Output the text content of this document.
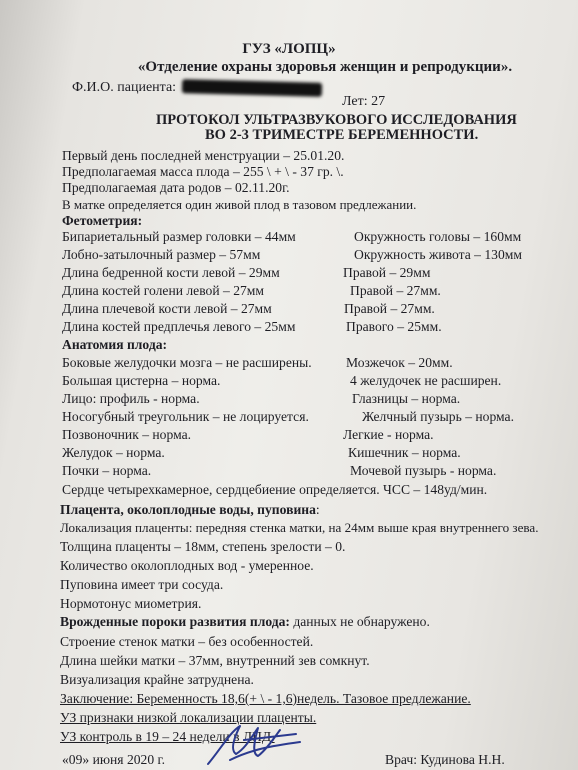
ГУЗ «ЛОПЦ»
«Отделение охраны здоровья женщин и репродукции».
Ф.И.О. пациента:
Лет: 27
ПРОТОКОЛ УЛЬТРАЗВУКОВОГО ИССЛЕДОВАНИЯ
ВО 2-3 ТРИМЕСТРЕ БЕРЕМЕННОСТИ.
Первый день последней менструации – 25.01.20.
Предполагаемая масса плода – 255 \ + \ - 37 гр. \.
Предполагаемая дата родов – 02.11.20г.
В матке определяется один живой плод в тазовом предлежании.
Фетометрия:
Бипариетальный размер головки – 44мм
Лобно-затылочный размер – 57мм
Длина бедренной кости левой – 29мм
Длина костей голени левой – 27мм
Длина плечевой кости левой – 27мм
Длина костей предплечья левого – 25мм
Окружность головы – 160мм
Окружность живота – 130мм
Правой – 29мм
Правой – 27мм.
Правой – 27мм.
Правого – 25мм.
Анатомия плода:
Боковые желудочки мозга – не расширены.
Большая цистерна – норма.
Лицо: профиль - норма.
Носогубный треугольник – не лоцируется.
Позвоночник – норма.
Желудок – норма.
Почки – норма.
Мозжечок – 20мм.
4 желудочек не расширен.
Глазницы – норма.
Желчный пузырь – норма.
Легкие - норма.
Кишечник – норма.
Мочевой пузырь - норма.
Сердце четырехкамерное, сердцебиение определяется. ЧСС – 148уд/мин.
Плацента, околоплодные воды, пуповина:
Локализация плаценты: передняя стенка матки, на 24мм выше края внутреннего зева.
Толщина плаценты – 18мм, степень зрелости – 0.
Количество околоплодных вод - умеренное.
Пуповина имеет три сосуда.
Нормотонус миометрия.
Врожденные пороки развития плода: данных не обнаружено.
Строение стенок матки – без особенностей.
Длина шейки матки – 37мм, внутренний зев сомкнут.
Визуализация крайне затруднена.
Заключение: Беременность 18,6(+ \ - 1,6)недель. Тазовое предлежание.
УЗ признаки низкой локализации плаценты.
УЗ контроль в 19 – 24 недели в ЛПД.
«09» июня 2020 г.	Врач: Кудинова Н.Н.
